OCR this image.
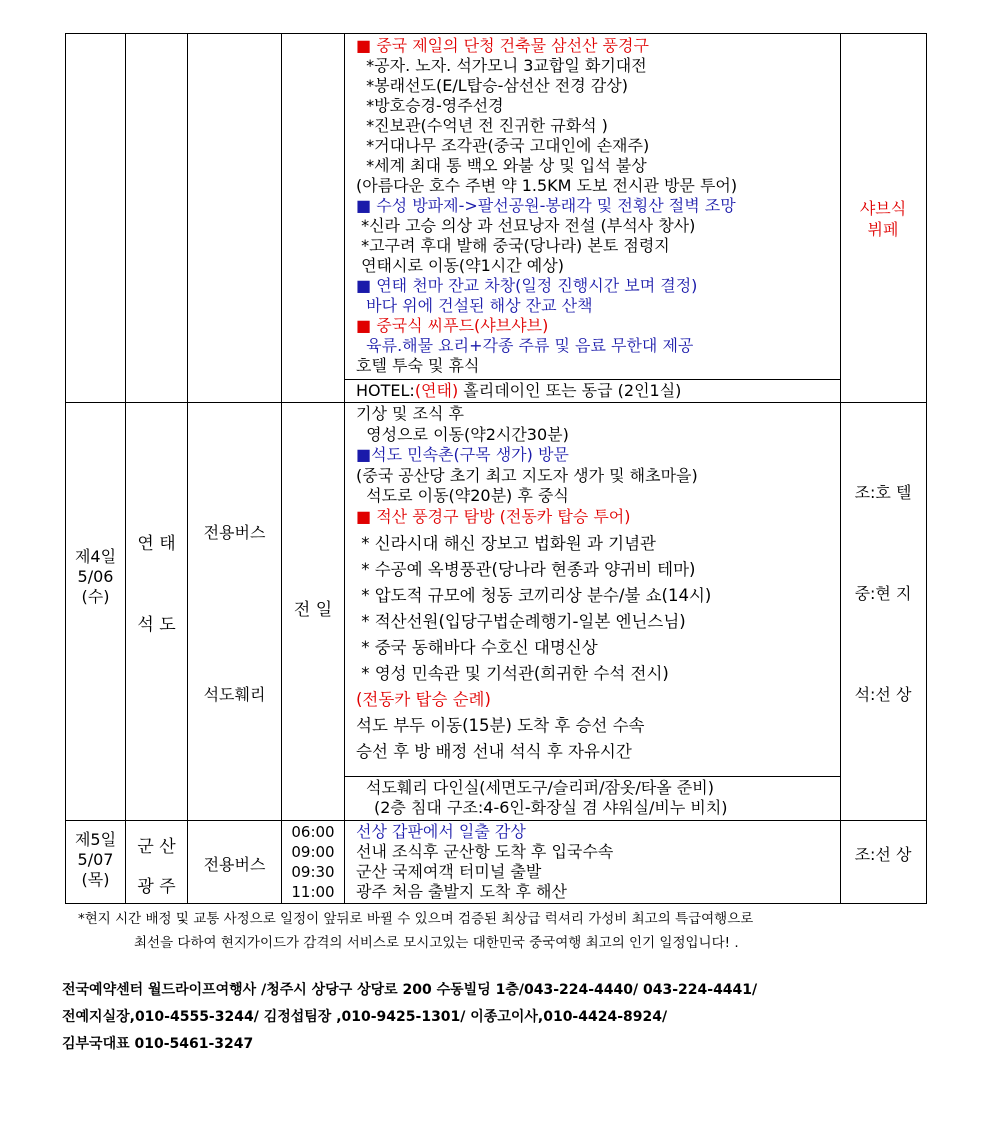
■ 중국 제일의 단청 건축물 삼선산 풍경구
*공자. 노자. 석가모니 3교합일 화기대전
*봉래선도(E/L탑승-삼선산 전경 감상)
*방호승경-영주선경
*진보관(수억년 전 진귀한 규화석 )
*거대나무 조각관(중국 고대인에 손재주)
*세계 최대 통 백오 와불 상 및 입석 불상
(아름다운 호수 주변 약 1.5KM 도보 전시관 방문 투어)
■ 수성 방파제->팔선공원-봉래각 및 전횡산 절벽 조망
*신라 고승 의상 과 선묘낭자 전설 (부석사 창사)
*고구려 후대 발해 중국(당나라) 본토 점령지
연태시로 이동(약1시간 예상)
■ 연태 천마 잔교 차창(일정 진행시간 보며 결정)
바다 위에 건설된 해상 잔교 산책
■ 중국식 씨푸드(샤브샤브)
육류.해물 요리+각종 주류 및 음료 무한대 제공
호텔 투숙 및 휴식
HOTEL:(연태) 홀리데이인 또는 동급 (2인1실)
샤브식
뷔페
제4일
5/06
(수)
연 태
석 도
전용버스
석도훼리
전 일
기상 및 조식 후
영성으로 이동(약2시간30분)
■석도 민속촌(구목 생가) 방문
(중국 공산당 초기 최고 지도자 생가 및 해초마을)
석도로 이동(약20분) 후 중식
■ 적산 풍경구 탐방 (전동카 탑승 투어)
* 신라시대 해신 장보고 법화원 과 기념관
* 수공예 옥병풍관(당나라 현종과 양귀비 테마)
* 압도적 규모에 청동 코끼리상 분수/불 쇼(14시)
* 적산선원(입당구법순례행기-일본 엔닌스님)
* 중국 동해바다 수호신 대명신상
* 영성 민속관 및 기석관(희귀한 수석 전시)
(전동카 탑승 순례)
석도 부두 이동(15분) 도착 후 승선 수속
승선 후 방 배정 선내 석식 후 자유시간
석도훼리 다인실(세면도구/슬리퍼/잠옷/타올 준비)
(2층 침대 구조:4-6인-화장실 겸 샤워실/비누 비치)
조:호 텔
중:현 지
석:선 상
제5일
5/07
(목)
군 산
광 주
전용버스
06:00
09:00
09:30
11:00
선상 갑판에서 일출 감상
선내 조식후 군산항 도착 후 입국수속
군산 국제여객 터미널 출발
광주 처음 출발지 도착 후 해산
조:선 상
*현지 시간 배정 및 교통 사정으로 일정이 앞뒤로 바뀔 수 있으며 검증된 최상급 럭셔리 가성비 최고의 특급여행으로
최선을 다하여 현지가이드가 감격의 서비스로 모시고있는 대한민국 중국여행 최고의 인기 일정입니다! .
전국예약센터 월드라이프여행사 /청주시 상당구 상당로 200 수동빌딩 1층/043-224-4440/ 043-224-4441/
전예지실장,010-4555-3244/ 김정섭팀장 ,010-9425-1301/ 이종고이사,010-4424-8924/
김부국대표 010-5461-3247
